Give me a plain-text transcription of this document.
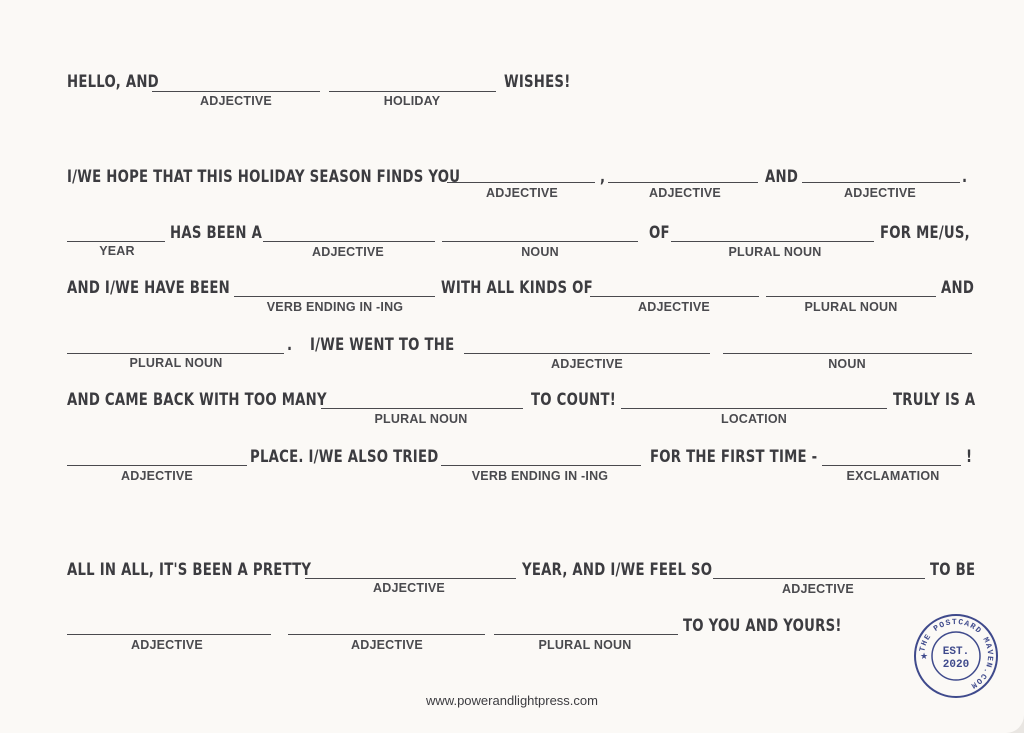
HELLO, AND
ADJECTIVE	HOLIDAY
WISHES!
I/WE HOPE THAT THIS HOLIDAY SEASON FINDS YOU
ADJECTIVE
,
ADJECTIVE
AND
ADJECTIVE
.
YEAR
HAS BEEN A
ADJECTIVE	NOUN
OF
PLURAL NOUN
FOR ME/US,
AND I/WE HAVE BEEN
VERB ENDING IN -ING
WITH ALL KINDS OF
ADJECTIVE	PLURAL NOUN
AND
PLURAL NOUN
. I/WE WENT TO THE
ADJECTIVE	NOUN
AND CAME BACK WITH TOO MANY
PLURAL NOUN
TO COUNT!
LOCATION
TRULY IS A
ADJECTIVE
PLACE. I/WE ALSO TRIED
VERB ENDING IN -ING
FOR THE FIRST TIME -
EXCLAMATION
!
ALL IN ALL, IT'S BEEN A PRETTY
ADJECTIVE
YEAR, AND I/WE FEEL SO
ADJECTIVE
TO BE
ADJECTIVE	ADJECTIVE	PLURAL NOUN
TO YOU AND YOURS!
www.powerandlightpress.com
THE POSTCARD MAVEN.COM
EST.
2020
★
